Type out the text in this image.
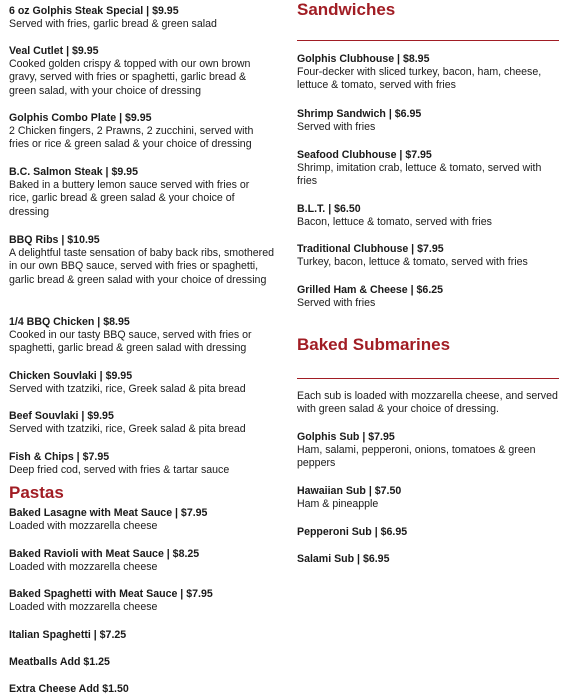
6 oz Golphis Steak Special | $9.95
Served with fries, garlic bread & green salad
Veal Cutlet | $9.95
Cooked golden crispy & topped with our own brown gravy, served with fries or spaghetti, garlic bread & green salad, with your choice of dressing
Golphis Combo Plate | $9.95
2 Chicken fingers, 2 Prawns, 2 zucchini, served with fries or rice & green salad & your choice of dressing
B.C. Salmon Steak | $9.95
Baked in a buttery lemon sauce served with fries or rice, garlic bread & green salad & your choice of dressing
BBQ Ribs | $10.95
A delightful taste sensation of baby back ribs, smothered in our own BBQ sauce, served with fries or spaghetti, garlic bread & green salad with your choice of dressing
1/4 BBQ Chicken | $8.95
Cooked in our tasty BBQ sauce, served with fries or spaghetti, garlic bread & green salad with dressing
Chicken Souvlaki | $9.95
Served with tzatziki, rice, Greek salad & pita bread
Beef Souvlaki | $9.95
Served with tzatziki, rice, Greek salad & pita bread
Fish & Chips | $7.95
Deep fried cod, served with fries & tartar sauce
Pastas
Baked Lasagne with Meat Sauce | $7.95
Loaded with mozzarella cheese
Baked Ravioli with Meat Sauce | $8.25
Loaded with mozzarella cheese
Baked Spaghetti with Meat Sauce | $7.95
Loaded with mozzarella cheese
Italian Spaghetti | $7.25
Meatballs Add $1.25
Extra Cheese Add $1.50
Sandwiches
Golphis Clubhouse | $8.95
Four-decker with sliced turkey, bacon, ham, cheese, lettuce & tomato, served with fries
Shrimp Sandwich | $6.95
Served with fries
Seafood Clubhouse | $7.95
Shrimp, imitation crab, lettuce & tomato, served with fries
B.L.T. | $6.50
Bacon, lettuce & tomato, served with fries
Traditional Clubhouse | $7.95
Turkey, bacon, lettuce & tomato, served with fries
Grilled Ham & Cheese | $6.25
Served with fries
Baked Submarines
Each sub is loaded with mozzarella cheese, and served with green salad & your choice of dressing.
Golphis Sub | $7.95
Ham, salami, pepperoni, onions, tomatoes & green peppers
Hawaiian Sub | $7.50
Ham & pineapple
Pepperoni Sub | $6.95
Salami Sub | $6.95
